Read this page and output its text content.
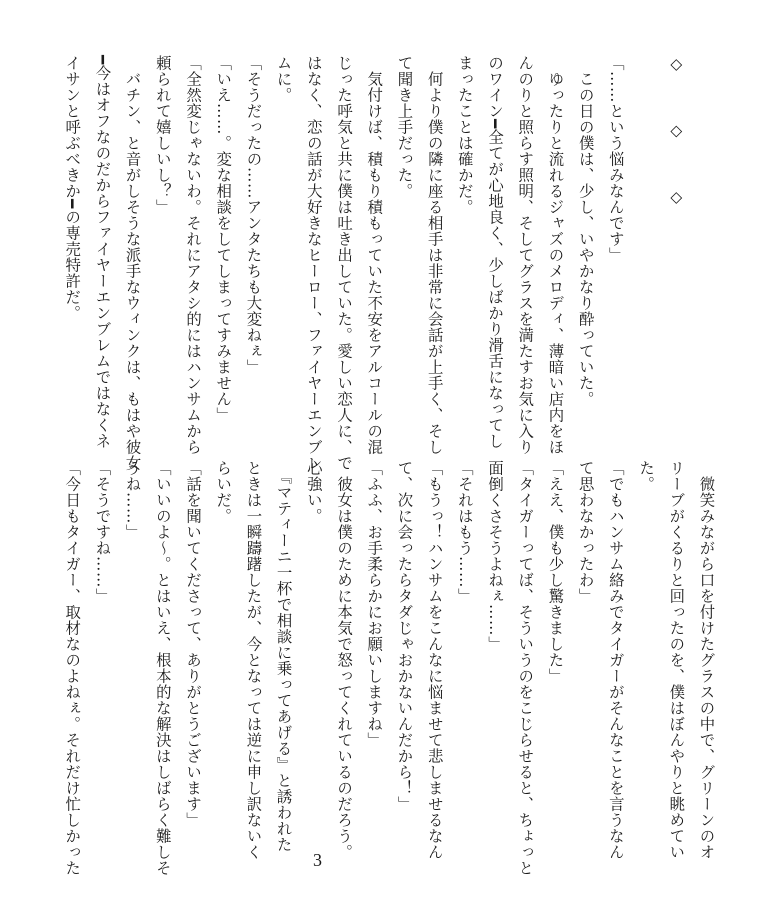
◇　　　◇　　　◇

「……という悩みなんです」
　この日の僕は、少し、いやかなり酔っていた。
　ゆったりと流れるジャズのメロディ、薄暗い店内をほ
んのりと照らす照明、そしてグラスを満たすお気に入り
のワイン━全てが心地良く、少しばかり滑舌になってし
まったことは確かだ。
　何より僕の隣に座る相手は非常に会話が上手く、そし
て聞き上手だった。
　気付けば、積もり積もっていた不安をアルコールの混
じった呼気と共に僕は吐き出していた。愛しい恋人に、で
はなく、恋の話が大好きなヒーロー、ファイヤーエンブレ
ムに。
「そうだったの……アンタたちも大変ねぇ」
「いえ……。変な相談をしてしまってすみません」
「全然変じゃないわ。それにアタシ的にはハンサムから
頼られて嬉しいし？」
　バチン、と音がしそうな派手なウィンクは、もはや彼女
━今はオフなのだからファイヤーエンブレムではなくネ
イサンと呼ぶべきか━の専売特許だ。
　微笑みながら口を付けたグラスの中で、グリーンのオ
リーブがくるりと回ったのを、僕はぼんやりと眺めてい
た。
「でもハンサム絡みでタイガーがそんなことを言うなん
て思わなかったわ」
「ええ、僕も少し驚きました」
「タイガーってば、そういうのをこじらせると、ちょっと
面倒くさそうよねぇ……」
「それはもう……」
「もうっ！ハンサムをこんなに悩ませて悲しませるなん
て、次に会ったらタダじゃおかないんだから！」
「ふふ、お手柔らかにお願いしますね」
　彼女は僕のために本気で怒ってくれているのだろう。
心強い。
　『マティーニ一杯で相談に乗ってあげる』と誘われた
ときは一瞬躊躇したが、今となっては逆に申し訳ないく
らいだ。
「話を聞いてくださって、ありがとうございます」
「いいのよ～。とはいえ、根本的な解決はしばらく難しそ
うね……」
「そうですね……」
「今日もタイガー、取材なのよねぇ。それだけ忙しかった	3
